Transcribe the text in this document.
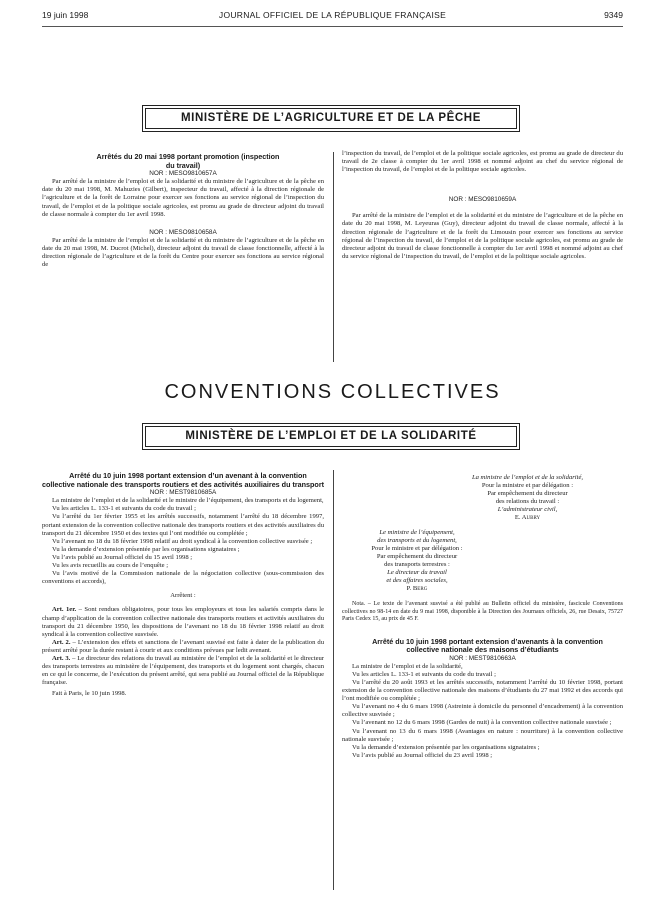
19 juin 1998	JOURNAL OFFICIEL DE LA RÉPUBLIQUE FRANÇAISE	9349
MINISTÈRE DE L’AGRICULTURE ET DE LA PÊCHE

Arrêtés du 20 mai 1998 portant promotion (inspection du travail)

NOR : MESO9810657A

Par arrêté de la ministre de l’emploi et de la solidarité et du ministre de l’agriculture et de la pêche en date du 20 mai 1998, M. Mahuzies (Gilbert), inspecteur du travail, affecté à la direction régionale de l’agriculture et de la forêt de Lorraine pour exercer ses fonctions au service régional de l’inspection du travail, de l’emploi et de la politique sociale agricoles, est promu au grade de directeur adjoint du travail de classe normale à compter du 1er avril 1998.

NOR : MESO9810658A

Par arrêté de la ministre de l’emploi et de la solidarité et du ministre de l’agriculture et de la pêche en date du 20 mai 1998, M. Ducrot (Michel), directeur adjoint du travail de classe fonctionnelle, affecté à la direction régionale de l’agriculture et de la forêt du Centre pour exercer ses fonctions au service régional de

l’inspection du travail, de l’emploi et de la politique sociale agricoles, est promu au grade de directeur du travail de 2e classe à compter du 1er avril 1998 et nommé adjoint au chef du service régional de l’inspection du travail, de l’emploi et de la politique sociale agricoles.

NOR : MESO9810659A

Par arrêté de la ministre de l’emploi et de la solidarité et du ministre de l’agriculture et de la pêche en date du 20 mai 1998, M. Leyeuras (Guy), directeur adjoint du travail de classe normale, affecté à la direction régionale de l’agriculture et de la forêt du Limousin pour exercer ses fonctions au service régional de l’inspection du travail, de l’emploi et de la politique sociale agricoles, est promu au grade de directeur adjoint du travail de classe fonctionnelle à compter du 1er avril 1998 et nommé adjoint au chef du service régional de l’inspection du travail, de l’emploi et de la politique sociale agricoles.

CONVENTIONS COLLECTIVES
MINISTÈRE DE L’EMPLOI ET DE LA SOLIDARITÉ

Arrêté du 10 juin 1998 portant extension d’un avenant à la convention collective nationale des transports routiers et des activités auxiliaires du transport

NOR : MEST9810685A

La ministre de l’emploi et de la solidarité et le ministre de l’équipement, des transports et du logement,

Vu les articles L. 133-1 et suivants du code du travail ;

Vu l’arrêté du 1er février 1955 et les arrêtés successifs, notamment l’arrêté du 18 décembre 1997, portant extension de la convention collective nationale des transports routiers et des activités auxiliaires du transport du 21 décembre 1950 et des textes qui l’ont modifiée ou complétée ;

Vu l’avenant no 18 du 18 février 1998 relatif au droit syndical à la convention collective susvisée ;

Vu la demande d’extension présentée par les organisations signataires ;

Vu l’avis publié au Journal officiel du 15 avril 1998 ;

Vu les avis recueillis au cours de l’enquête ;

Vu l’avis motivé de la Commission nationale de la négociation collective (sous-commission des conventions et accords),

Arrêtent :

Art. 1er. – Sont rendues obligatoires, pour tous les employeurs et tous les salariés compris dans le champ d’application de la convention collective nationale des transports routiers et activités auxiliaires du transport du 21 décembre 1950, les dispositions de l’avenant no 18 du 18 février 1998 relatif au droit syndical à la convention collective susvisée.

Art. 2. – L’extension des effets et sanctions de l’avenant susvisé est faite à dater de la publication du présent arrêté pour la durée restant à courir et aux conditions prévues par ledit avenant.

Art. 3. – Le directeur des relations du travail au ministère de l’emploi et de la solidarité et le directeur des transports terrestres au ministère de l’équipement, des transports et du logement sont chargés, chacun en ce qui le concerne, de l’exécution du présent arrêté, qui sera publié au Journal officiel de la République française.

Fait à Paris, le 10 juin 1998.

La ministre de l’emploi et de la solidarité,

Pour la ministre et par délégation :

Par empêchement du directeur

des relations du travail :

L’administrateur civil,

E. Aubry

Le ministre de l’équipement,

des transports et du logement,

Pour le ministre et par délégation :

Par empêchement du directeur

des transports terrestres :

Le directeur du travail

et des affaires sociales,

P. Berg

Nota. – Le texte de l’avenant susvisé a été publié au Bulletin officiel du ministère, fascicule Conventions collectives no 98-14 en date du 9 mai 1998, disponible à la Direction des Journaux officiels, 26, rue Desaix, 75727 Paris Cedex 15, au prix de 45 F.

Arrêté du 10 juin 1998 portant extension d’avenants à la convention collective nationale des maisons d’étudiants

NOR : MEST9810663A

La ministre de l’emploi et de la solidarité,

Vu les articles L. 133-1 et suivants du code du travail ;

Vu l’arrêté du 20 août 1993 et les arrêtés successifs, notamment l’arrêté du 10 février 1998, portant extension de la convention collective nationale des maisons d’étudiants du 27 mai 1992 et des accords qui l’ont modifiée ou complétée ;

Vu l’avenant no 4 du 6 mars 1998 (Astreinte à domicile du personnel d’encadrement) à la convention collective susvisée ;

Vu l’avenant no 12 du 6 mars 1998 (Gardes de nuit) à la convention collective nationale susvisée ;

Vu l’avenant no 13 du 6 mars 1998 (Avantages en nature : nourriture) à la convention collective nationale susvisée ;

Vu la demande d’extension présentée par les organisations signataires ;

Vu l’avis publié au Journal officiel du 23 avril 1998 ;
